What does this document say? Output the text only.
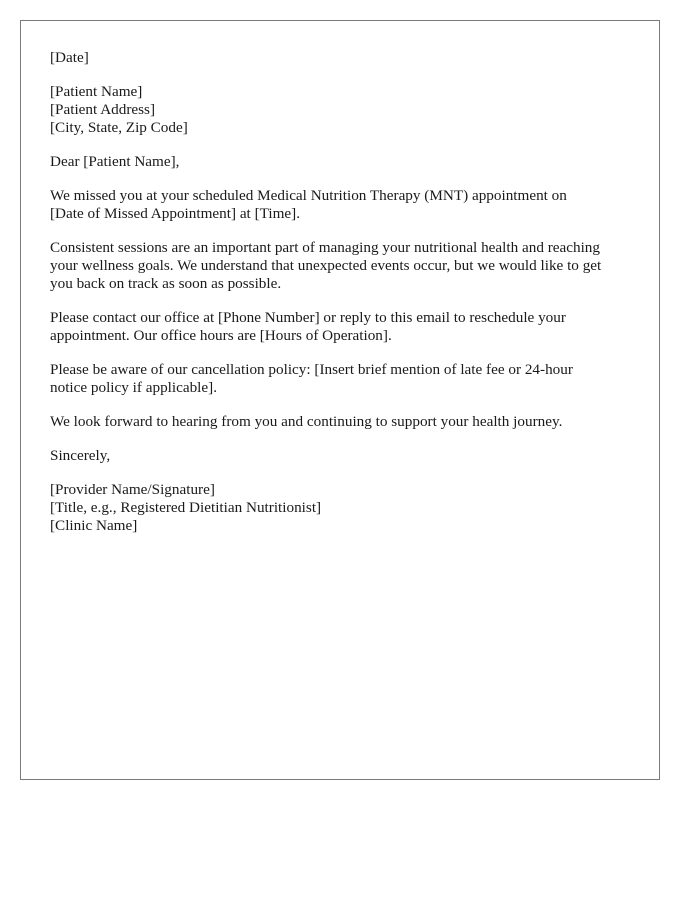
[Date]
[Patient Name]
[Patient Address]
[City, State, Zip Code]
Dear [Patient Name],
We missed you at your scheduled Medical Nutrition Therapy (MNT) appointment on
[Date of Missed Appointment] at [Time].
Consistent sessions are an important part of managing your nutritional health and reaching
your wellness goals. We understand that unexpected events occur, but we would like to get
you back on track as soon as possible.
Please contact our office at [Phone Number] or reply to this email to reschedule your
appointment. Our office hours are [Hours of Operation].
Please be aware of our cancellation policy: [Insert brief mention of late fee or 24-hour
notice policy if applicable].
We look forward to hearing from you and continuing to support your health journey.
Sincerely,
[Provider Name/Signature]
[Title, e.g., Registered Dietitian Nutritionist]
[Clinic Name]
